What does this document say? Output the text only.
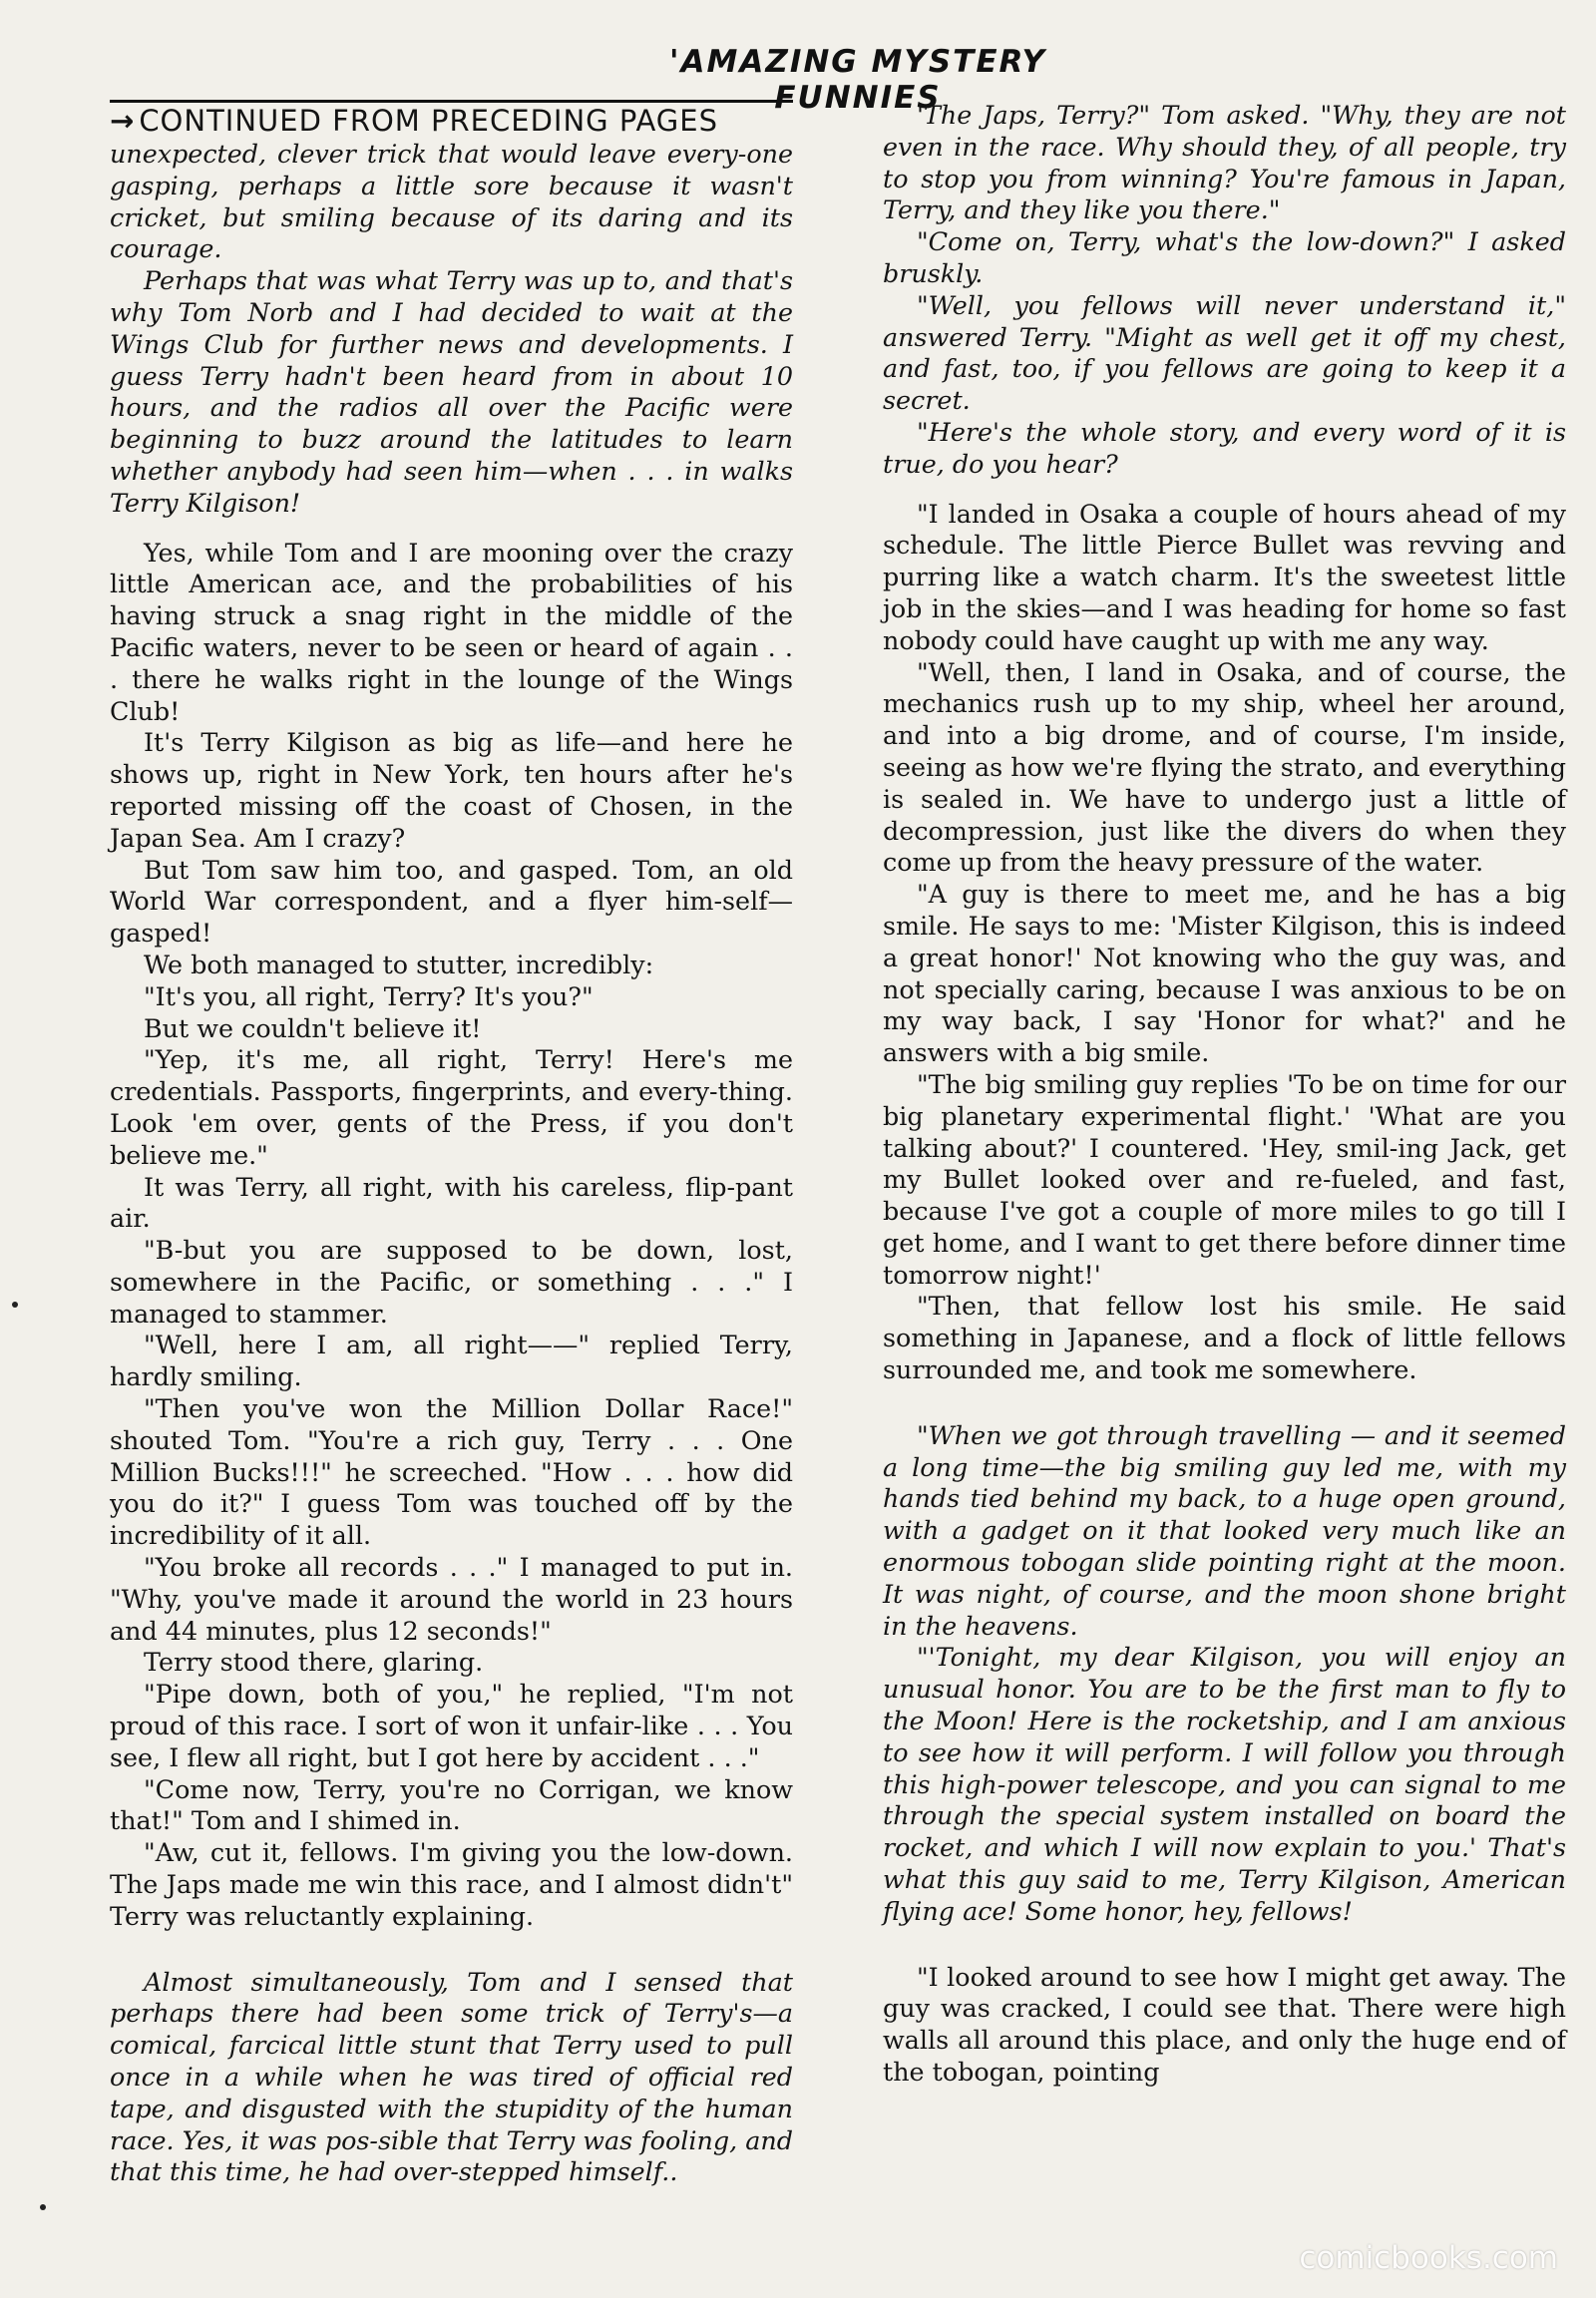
'AMAZING MYSTERY FUNNIES
→ CONTINUED FROM PRECEDING PAGES

unexpected, clever trick that would leave every-one gasping, perhaps a little sore because it wasn't cricket, but smiling because of its daring and its courage.

Perhaps that was what Terry was up to, and that's why Tom Norb and I had decided to wait at the Wings Club for further news and developments. I guess Terry hadn't been heard from in about 10 hours, and the radios all over the Pacific were beginning to buzz around the latitudes to learn whether anybody had seen him—when . . . in walks Terry Kilgison!

Yes, while Tom and I are mooning over the crazy little American ace, and the probabilities of his having struck a snag right in the middle of the Pacific waters, never to be seen or heard of again . . . there he walks right in the lounge of the Wings Club!

It's Terry Kilgison as big as life—and here he shows up, right in New York, ten hours after he's reported missing off the coast of Chosen, in the Japan Sea. Am I crazy?

But Tom saw him too, and gasped. Tom, an old World War correspondent, and a flyer him-self—gasped!

We both managed to stutter, incredibly:

"It's you, all right, Terry? It's you?"

But we couldn't believe it!

"Yep, it's me, all right, Terry! Here's me credentials. Passports, fingerprints, and every-thing. Look 'em over, gents of the Press, if you don't believe me."

It was Terry, all right, with his careless, flip-pant air.

"B-but you are supposed to be down, lost, somewhere in the Pacific, or something . . ." I managed to stammer.

"Well, here I am, all right——" replied Terry, hardly smiling.

"Then you've won the Million Dollar Race!" shouted Tom. "You're a rich guy, Terry . . . One Million Bucks!!!" he screeched. "How . . . how did you do it?" I guess Tom was touched off by the incredibility of it all.

"You broke all records . . ." I managed to put in. "Why, you've made it around the world in 23 hours and 44 minutes, plus 12 seconds!"

Terry stood there, glaring.

"Pipe down, both of you," he replied, "I'm not proud of this race. I sort of won it unfair-like . . . You see, I flew all right, but I got here by accident . . ."

"Come now, Terry, you're no Corrigan, we know that!" Tom and I shimed in.

"Aw, cut it, fellows. I'm giving you the low-down. The Japs made me win this race, and I almost didn't" Terry was reluctantly explaining.

Almost simultaneously, Tom and I sensed that perhaps there had been some trick of Terry's—a comical, farcical little stunt that Terry used to pull once in a while when he was tired of official red tape, and disgusted with the stupidity of the human race. Yes, it was pos-sible that Terry was fooling, and that this time, he had over-stepped himself..

'The Japs, Terry?" Tom asked. "Why, they are not even in the race. Why should they, of all people, try to stop you from winning? You're famous in Japan, Terry, and they like you there."

"Come on, Terry, what's the low-down?" I asked bruskly.

"Well, you fellows will never understand it," answered Terry. "Might as well get it off my chest, and fast, too, if you fellows are going to keep it a secret.

"Here's the whole story, and every word of it is true, do you hear?

"I landed in Osaka a couple of hours ahead of my schedule. The little Pierce Bullet was revving and purring like a watch charm. It's the sweetest little job in the skies—and I was heading for home so fast nobody could have caught up with me any way.

"Well, then, I land in Osaka, and of course, the mechanics rush up to my ship, wheel her around, and into a big drome, and of course, I'm inside, seeing as how we're flying the strato, and everything is sealed in. We have to undergo just a little of decompression, just like the divers do when they come up from the heavy pressure of the water.

"A guy is there to meet me, and he has a big smile. He says to me: 'Mister Kilgison, this is indeed a great honor!' Not knowing who the guy was, and not specially caring, because I was anxious to be on my way back, I say 'Honor for what?' and he answers with a big smile.

"The big smiling guy replies 'To be on time for our big planetary experimental flight.' 'What are you talking about?' I countered. 'Hey, smil-ing Jack, get my Bullet looked over and re-fueled, and fast, because I've got a couple of more miles to go till I get home, and I want to get there before dinner time tomorrow night!'

"Then, that fellow lost his smile. He said something in Japanese, and a flock of little fellows surrounded me, and took me somewhere.

"When we got through travelling — and it seemed a long time—the big smiling guy led me, with my hands tied behind my back, to a huge open ground, with a gadget on it that looked very much like an enormous tobogan slide pointing right at the moon. It was night, of course, and the moon shone bright in the heavens.

"'Tonight, my dear Kilgison, you will enjoy an unusual honor. You are to be the first man to fly to the Moon! Here is the rocketship, and I am anxious to see how it will perform. I will follow you through this high-power telescope, and you can signal to me through the special system installed on board the rocket, and which I will now explain to you.' That's what this guy said to me, Terry Kilgison, American flying ace! Some honor, hey, fellows!

"I looked around to see how I might get away. The guy was cracked, I could see that. There were high walls all around this place, and only the huge end of the tobogan, pointing

comicbooks.com
